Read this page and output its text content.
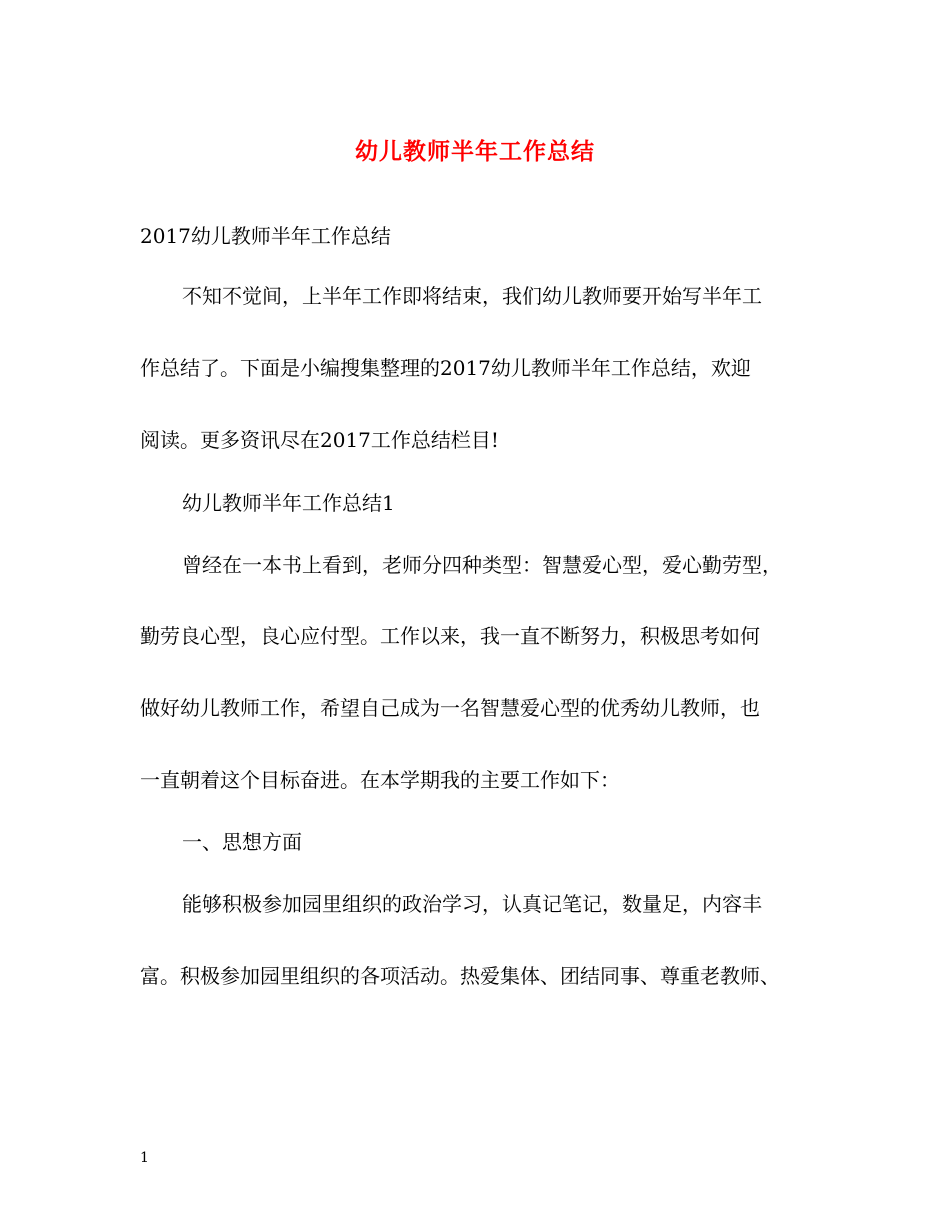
幼儿教师半年工作总结
2017幼儿教师半年工作总结
不知不觉间，上半年工作即将结束，我们幼儿教师要开始写半年工
作总结了。下面是小编搜集整理的2017幼儿教师半年工作总结，欢迎
阅读。更多资讯尽在2017工作总结栏目!
幼儿教师半年工作总结1
曾经在一本书上看到，老师分四种类型：智慧爱心型，爱心勤劳型，
勤劳良心型，良心应付型。工作以来，我一直不断努力，积极思考如何
做好幼儿教师工作，希望自己成为一名智慧爱心型的优秀幼儿教师，也
一直朝着这个目标奋进。在本学期我的主要工作如下：
一、思想方面
能够积极参加园里组织的政治学习，认真记笔记，数量足，内容丰
富。积极参加园里组织的各项活动。热爱集体、团结同事、尊重老教师、
1
